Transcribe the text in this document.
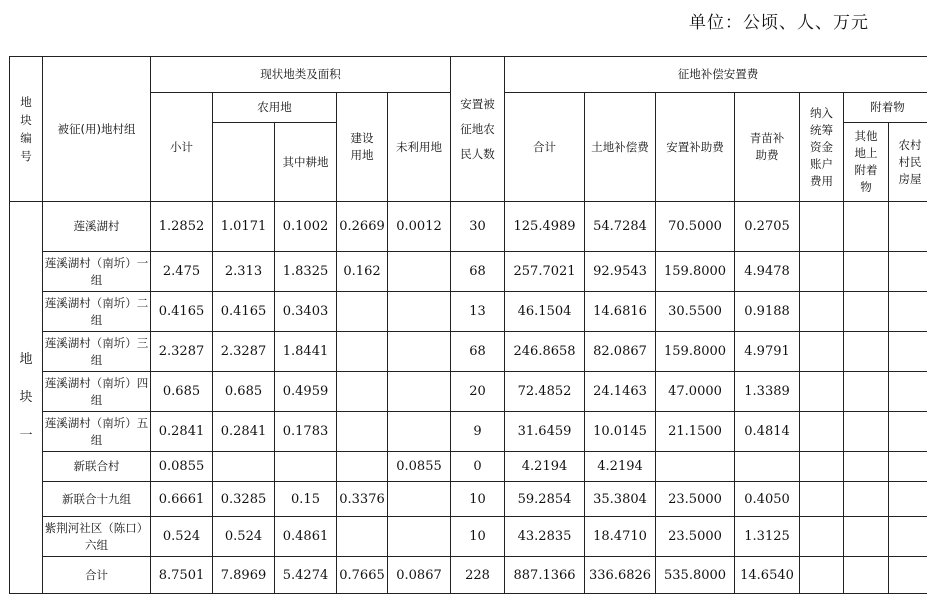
单位：公顷、人、万元
地块编号	被征(用)地村组	现状地类及面积					安置被征地农民人数	征地补偿安置费						
		小计	农用地		建设用地	未利用地		合计	土地补偿费	安置补助费	青苗补助费	纳入统筹资金账户费用	附着物	
				其中耕地									其他地上附着物	农村村民房屋
地块一	莲溪湖村	1.2852	1.0171	0.1002	0.2669	0.0012	30	125.4989	54.7284	70.5000	0.2705			
	莲溪湖村（南圻）一组	2.475	2.313	1.8325	0.162		68	257.7021	92.9543	159.8000	4.9478			
	莲溪湖村（南圻）二组	0.4165	0.4165	0.3403			13	46.1504	14.6816	30.5500	0.9188			
	莲溪湖村（南圻）三组	2.3287	2.3287	1.8441			68	246.8658	82.0867	159.8000	4.9791			
	莲溪湖村（南圻）四组	0.685	0.685	0.4959			20	72.4852	24.1463	47.0000	1.3389			
	莲溪湖村（南圻）五组	0.2841	0.2841	0.1783			9	31.6459	10.0145	21.1500	0.4814			
	新联合村	0.0855				0.0855	0	4.2194	4.2194					
	新联合十九组	0.6661	0.3285	0.15	0.3376		10	59.2854	35.3804	23.5000	0.4050			
	紫荆河社区（陈口）六组	0.524	0.524	0.4861			10	43.2835	18.4710	23.5000	1.3125			
	合计	8.7501	7.8969	5.4274	0.7665	0.0867	228	887.1366	336.6826	535.8000	14.6540			
